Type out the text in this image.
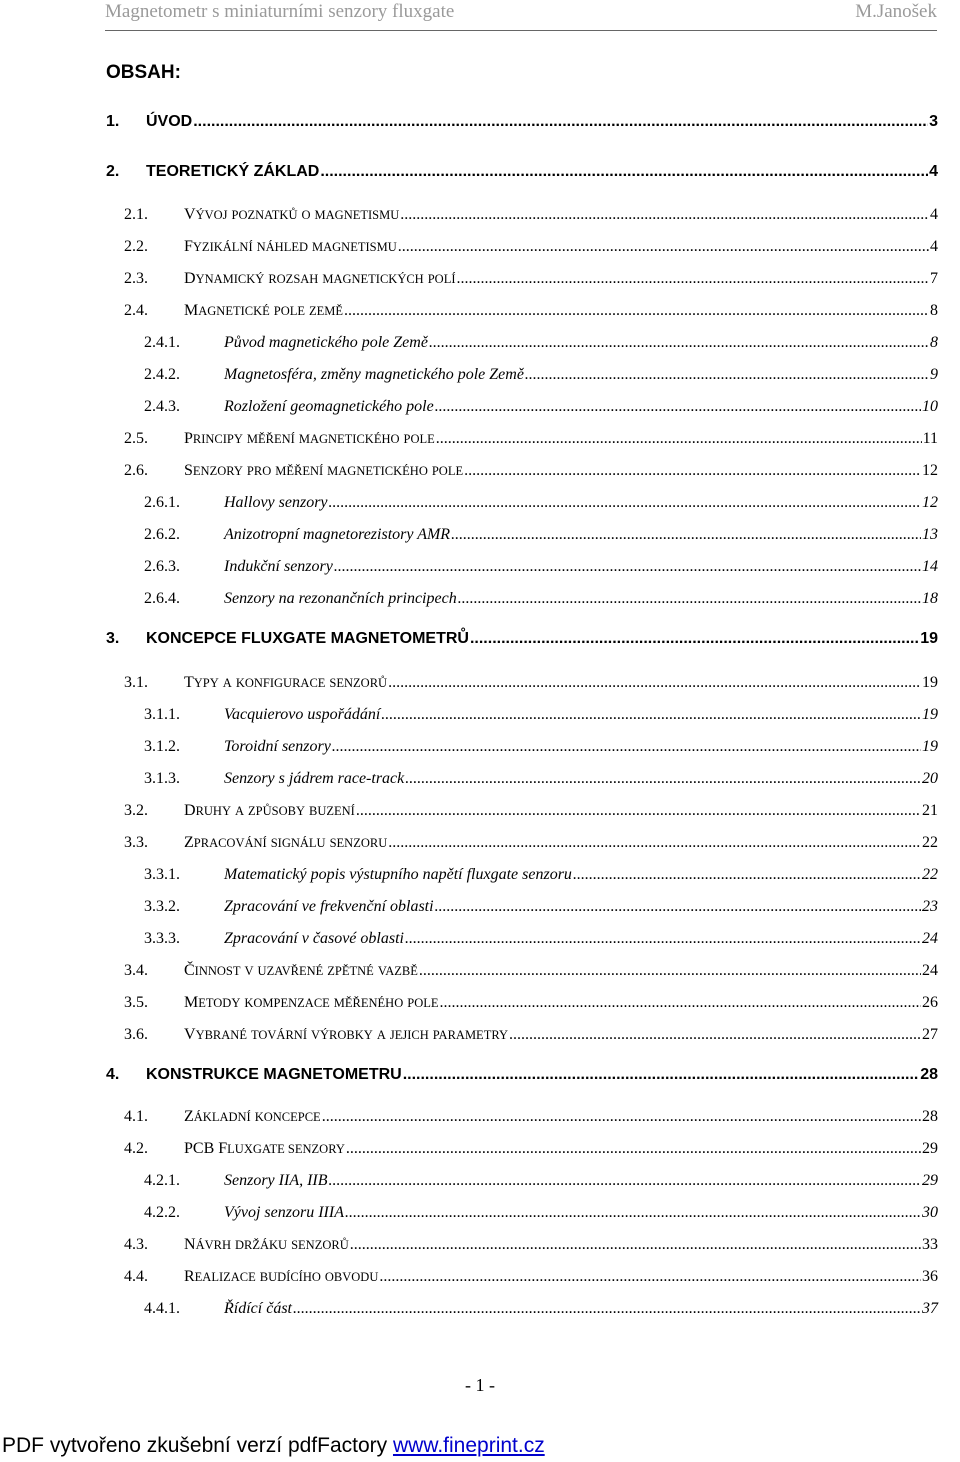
Magnetometr s miniaturními senzory fluxgate	M.Janošek
OBSAH:
1.	ÚVOD .....	3
2.	TEORETICKÝ ZÁKLAD .....	4
2.1.	VÝVOJ POZNATKŮ O MAGNETISMU .....	4
2.2.	FYZIKÁLNÍ NÁHLED MAGNETISMU .....	4
2.3.	DYNAMICKÝ ROZSAH MAGNETICKÝCH POLÍ .....	7
2.4.	MAGNETICKÉ POLE ZEMĚ .....	8
2.4.1.	Původ magnetického pole Země .....	8
2.4.2.	Magnetosféra, změny magnetického pole Země .....	9
2.4.3.	Rozložení geomagnetického pole .....	10
2.5.	PRINCIPY MĚŘENÍ MAGNETICKÉHO POLE .....	11
2.6.	SENZORY PRO MĚŘENÍ MAGNETICKÉHO POLE .....	12
2.6.1.	Hallovy senzory .....	12
2.6.2.	Anizotropní magnetorezistory AMR .....	13
2.6.3.	Indukční senzory .....	14
2.6.4.	Senzory na rezonančních principech .....	18
3.	KONCEPCE FLUXGATE MAGNETOMETRŮ .....	19
3.1.	TYPY A KONFIGURACE SENZORŮ .....	19
3.1.1.	Vacquierovo uspořádání .....	19
3.1.2.	Toroidní senzory .....	19
3.1.3.	Senzory s jádrem race-track .....	20
3.2.	DRUHY A ZPŮSOBY BUZENÍ .....	21
3.3.	ZPRACOVÁNÍ SIGNÁLU SENZORU .....	22
3.3.1.	Matematický popis výstupního napětí fluxgate senzoru .....	22
3.3.2.	Zpracování ve frekvenční oblasti .....	23
3.3.3.	Zpracování v časové oblasti .....	24
3.4.	ČINNOST V UZAVŘENÉ ZPĚTNÉ VAZBĚ .....	24
3.5.	METODY KOMPENZACE MĚŘENÉHO POLE .....	26
3.6.	VYBRANÉ TOVÁRNÍ VÝROBKY A JEJICH PARAMETRY .....	27
4.	KONSTRUKCE MAGNETOMETRU .....	28
4.1.	ZÁKLADNÍ KONCEPCE .....	28
4.2.	PCB FLUXGATE SENZORY .....	29
4.2.1.	Senzory IIA, IIB .....	29
4.2.2.	Vývoj senzoru IIIA .....	30
4.3.	NÁVRH DRŽÁKU SENZORŮ .....	33
4.4.	REALIZACE BUDÍCÍHO OBVODU .....	36
4.4.1.	Řídící část .....	37
- 1 -
PDF vytvořeno zkušební verzí pdfFactory www.fineprint.cz
